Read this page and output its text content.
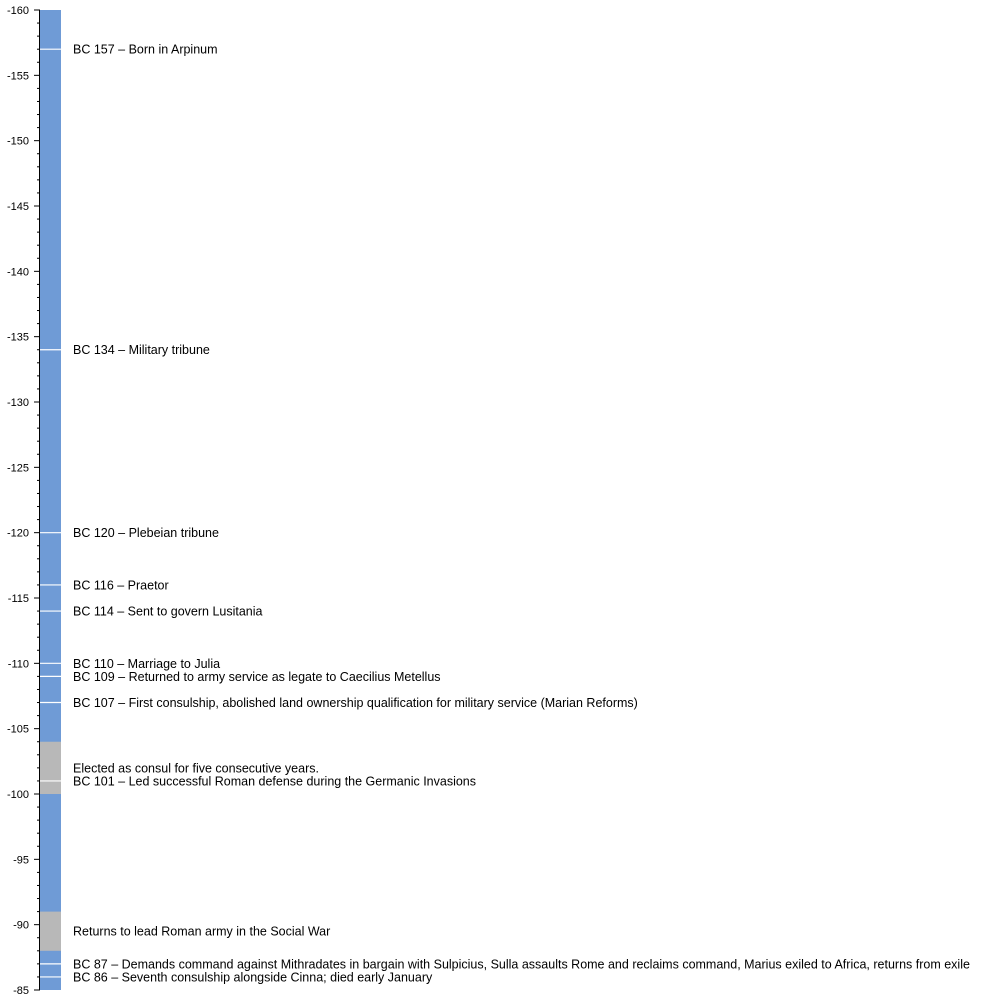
-160
-155
-150
-145
-140
-135
-130
-125
-120
-115
-110
-105
-100
-95
-90
-85
Elected as consul for five consecutive years.
Returns to lead Roman army in the Social War
BC 157 – Born in Arpinum
BC 134 – Military tribune
BC 120 – Plebeian tribune
BC 116 – Praetor
BC 114 – Sent to govern Lusitania
BC 110 – Marriage to Julia
BC 109 – Returned to army service as legate to Caecilius Metellus
BC 107 – First consulship, abolished land ownership qualification for military service (Marian Reforms)
BC 101 – Led successful Roman defense during the Germanic Invasions
BC 87 – Demands command against Mithradates in bargain with Sulpicius, Sulla assaults Rome and reclaims command, Marius exiled to Africa, returns from exile
BC 86 – Seventh consulship alongside Cinna; died early January
